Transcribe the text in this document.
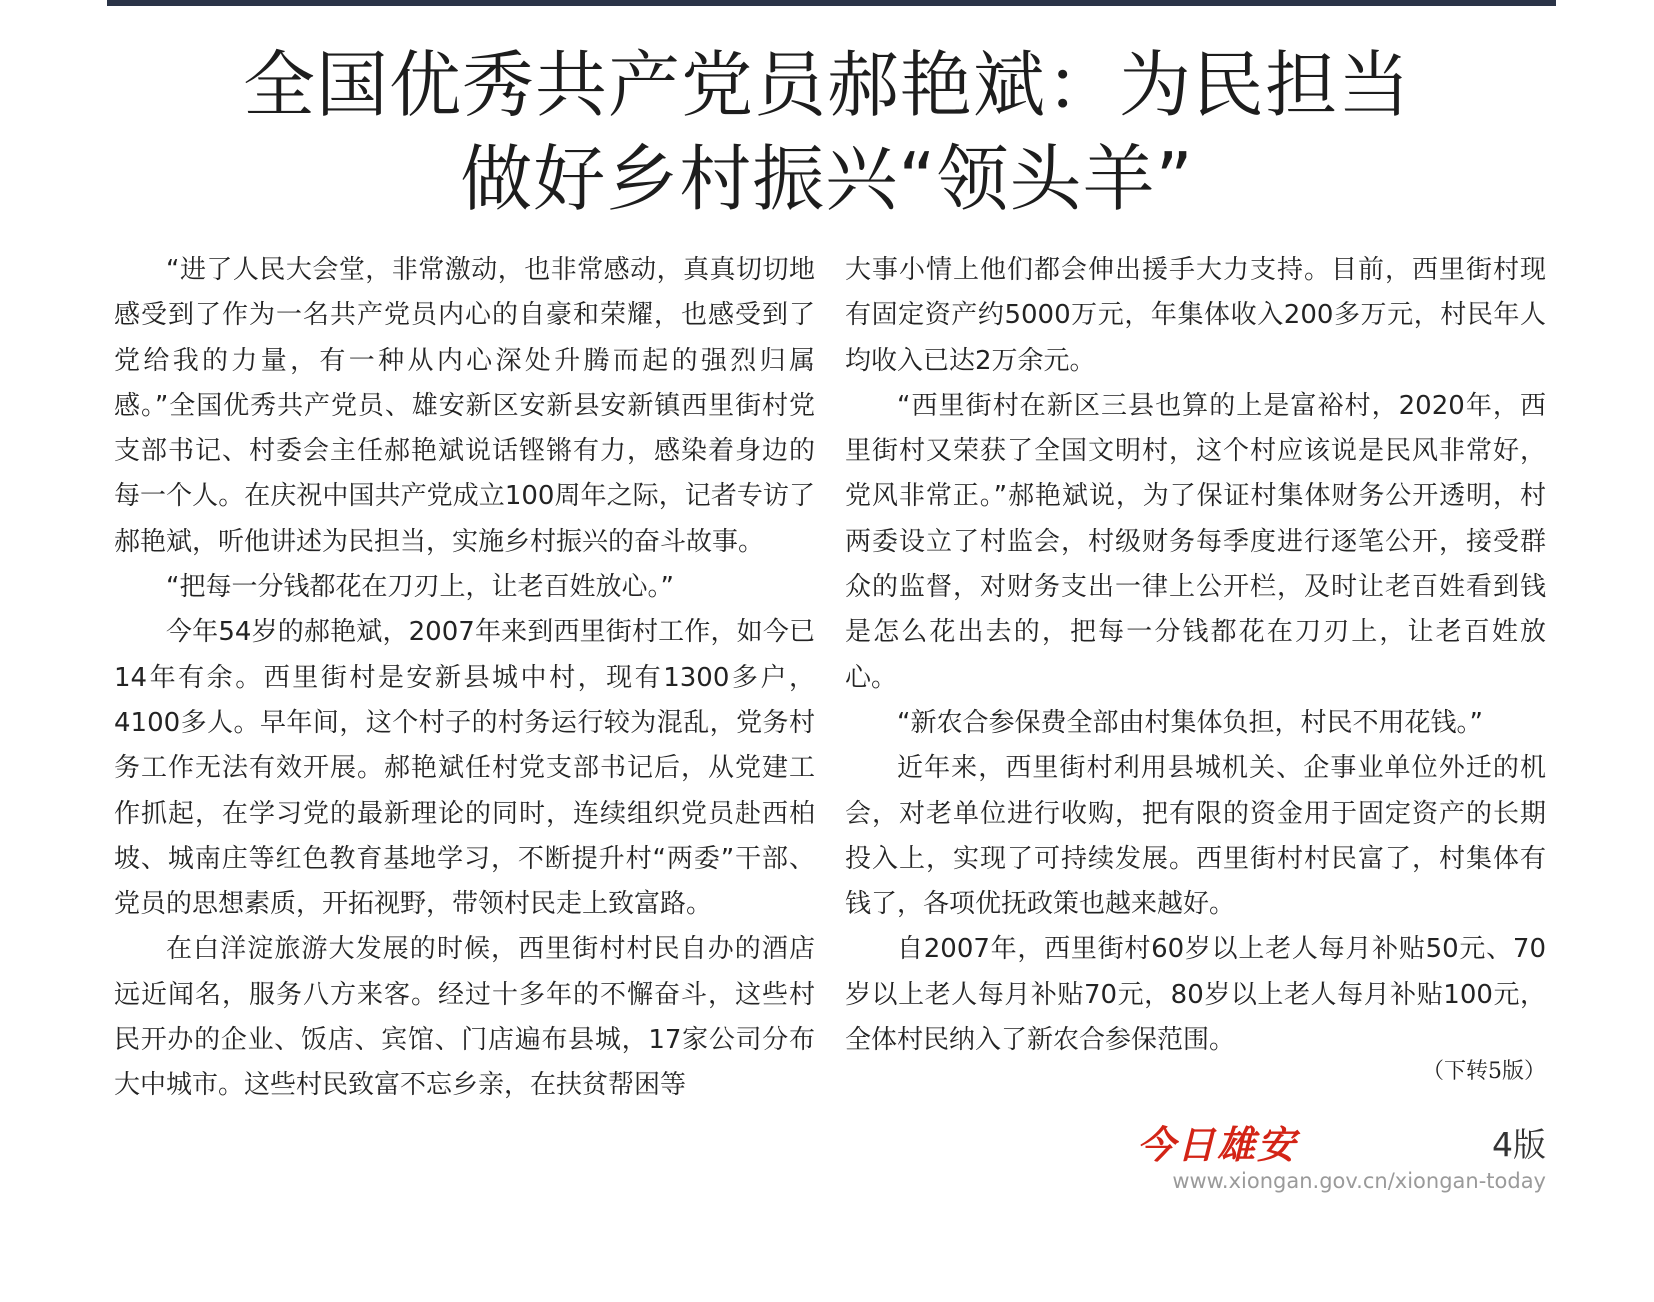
全国优秀共产党员郝艳斌：为民担当
做好乡村振兴“领头羊”

“进了人民大会堂，非常激动，也非常感动，真真切切地感受到了作为一名共产党员内心的自豪和荣耀，也感受到了党给我的力量，有一种从内心深处升腾而起的强烈归属感。”全国优秀共产党员、雄安新区安新县安新镇西里街村党支部书记、村委会主任郝艳斌说话铿锵有力，感染着身边的每一个人。在庆祝中国共产党成立100周年之际，记者专访了郝艳斌，听他讲述为民担当，实施乡村振兴的奋斗故事。

“把每一分钱都花在刀刃上，让老百姓放心。”

今年54岁的郝艳斌，2007年来到西里街村工作，如今已14年有余。西里街村是安新县城中村，现有1300多户，4100多人。早年间，这个村子的村务运行较为混乱，党务村务工作无法有效开展。郝艳斌任村党支部书记后，从党建工作抓起，在学习党的最新理论的同时，连续组织党员赴西柏坡、城南庄等红色教育基地学习，不断提升村“两委”干部、党员的思想素质，开拓视野，带领村民走上致富路。

在白洋淀旅游大发展的时候，西里街村村民自办的酒店远近闻名，服务八方来客。经过十多年的不懈奋斗，这些村民开办的企业、饭店、宾馆、门店遍布县城，17家公司分布大中城市。这些村民致富不忘乡亲，在扶贫帮困等

大事小情上他们都会伸出援手大力支持。目前，西里街村现有固定资产约5000万元，年集体收入200多万元，村民年人均收入已达2万余元。

“西里街村在新区三县也算的上是富裕村，2020年，西里街村又荣获了全国文明村，这个村应该说是民风非常好，党风非常正。”郝艳斌说，为了保证村集体财务公开透明，村两委设立了村监会，村级财务每季度进行逐笔公开，接受群众的监督，对财务支出一律上公开栏，及时让老百姓看到钱是怎么花出去的，把每一分钱都花在刀刃上，让老百姓放心。

“新农合参保费全部由村集体负担，村民不用花钱。”

近年来，西里街村利用县城机关、企事业单位外迁的机会，对老单位进行收购，把有限的资金用于固定资产的长期投入上，实现了可持续发展。西里街村村民富了，村集体有钱了，各项优抚政策也越来越好。

自2007年，西里街村60岁以上老人每月补贴50元、70岁以上老人每月补贴70元，80岁以上老人每月补贴100元，全体村民纳入了新农合参保范围。

（下转5版）
今日雄安	4版
www.xiongan.gov.cn/xiongan-today
